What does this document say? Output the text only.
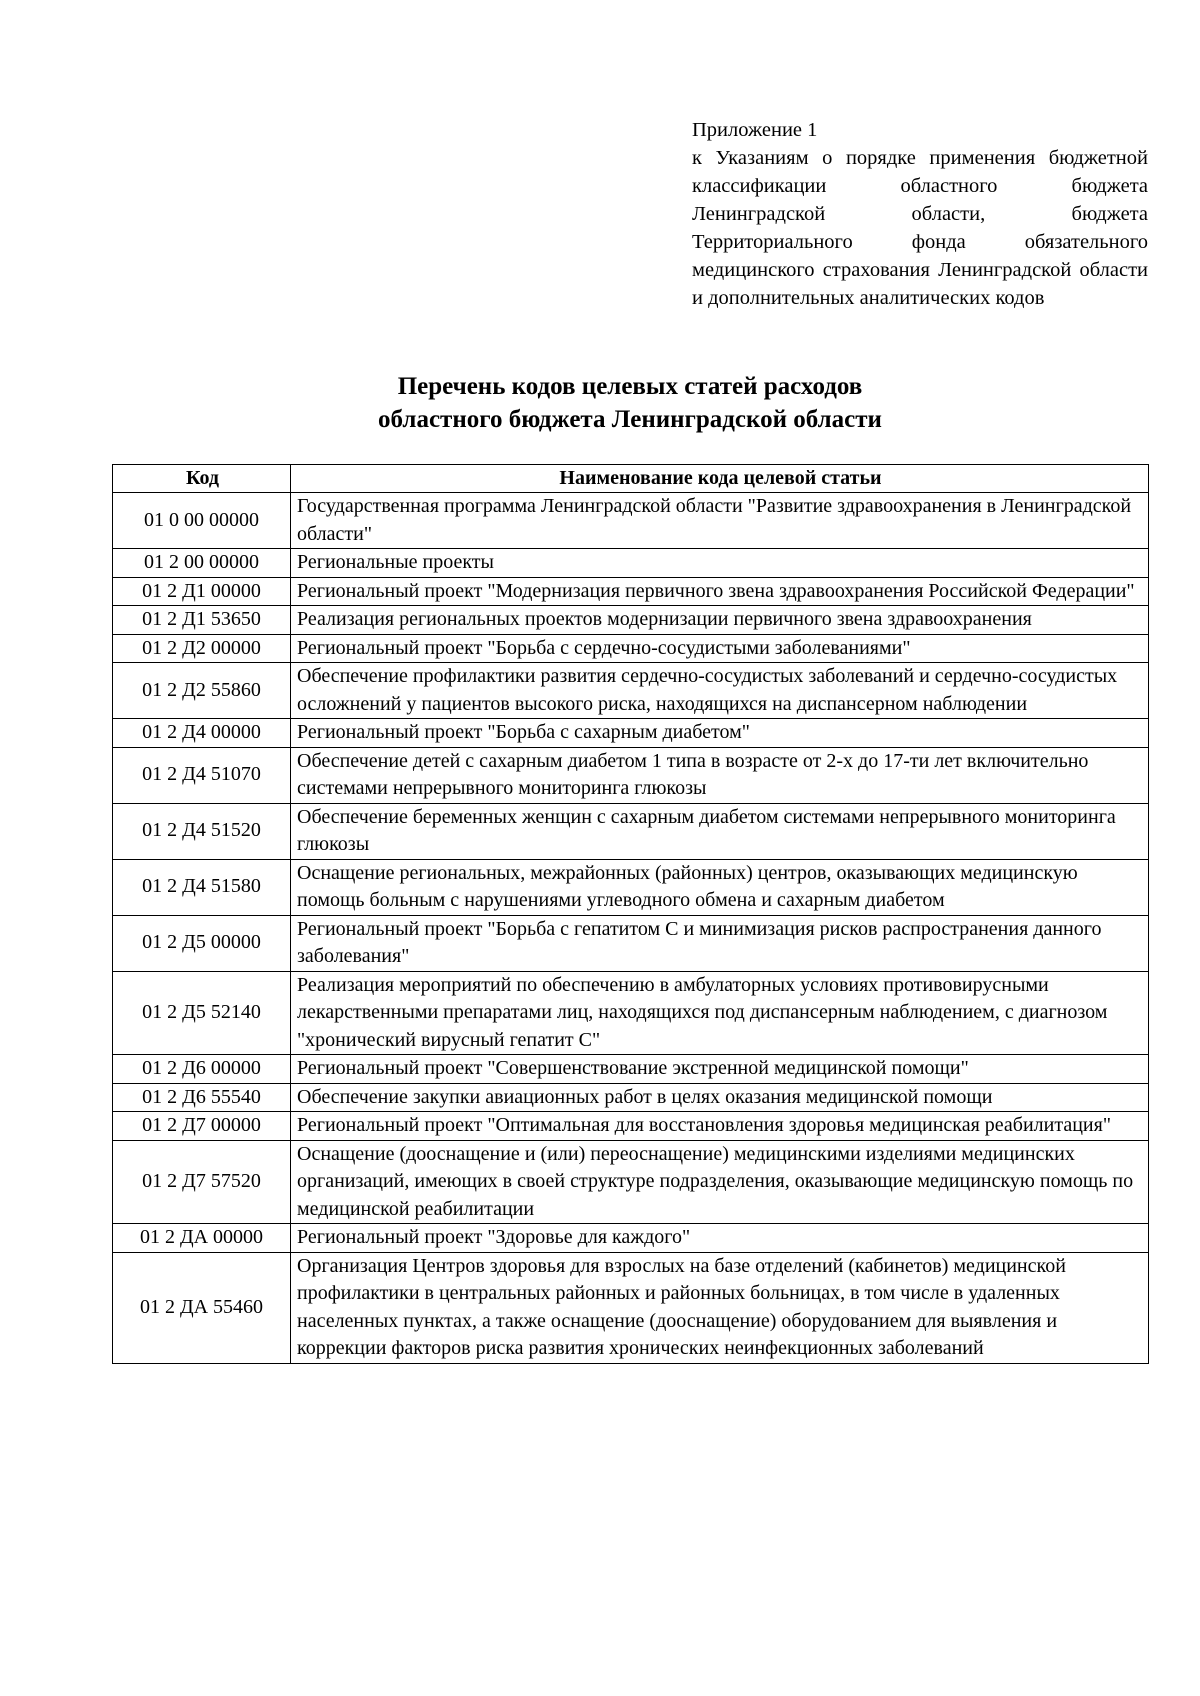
Приложение 1
к Указаниям о порядке применения бюджетной классификации областного бюджета Ленинградской области, бюджета Территориального фонда обязательного медицинского страхования Ленинградской области и дополнительных аналитических кодов
Перечень кодов целевых статей расходов
областного бюджета Ленинградской области
Код	Наименование кода целевой статьи
01 0 00 00000	Государственная программа Ленинградской области "Развитие здравоохранения в Ленинградской области"
01 2 00 00000	Региональные проекты
01 2 Д1 00000	Региональный проект "Модернизация первичного звена здравоохранения Российской Федерации"
01 2 Д1 53650	Реализация региональных проектов модернизации первичного звена здравоохранения
01 2 Д2 00000	Региональный проект "Борьба с сердечно-сосудистыми заболеваниями"
01 2 Д2 55860	Обеспечение профилактики развития сердечно-сосудистых заболеваний и сердечно-сосудистых осложнений у пациентов высокого риска, находящихся на диспансерном наблюдении
01 2 Д4 00000	Региональный проект "Борьба с сахарным диабетом"
01 2 Д4 51070	Обеспечение детей с сахарным диабетом 1 типа в возрасте от 2-х до 17-ти лет включительно системами непрерывного мониторинга глюкозы
01 2 Д4 51520	Обеспечение беременных женщин с сахарным диабетом системами непрерывного мониторинга глюкозы
01 2 Д4 51580	Оснащение региональных, межрайонных (районных) центров, оказывающих медицинскую помощь больным с нарушениями углеводного обмена и сахарным диабетом
01 2 Д5 00000	Региональный проект "Борьба с гепатитом С и минимизация рисков распространения данного заболевания"
01 2 Д5 52140	Реализация мероприятий по обеспечению в амбулаторных условиях противовирусными лекарственными препаратами лиц, находящихся под диспансерным наблюдением, с диагнозом "хронический вирусный гепатит С"
01 2 Д6 00000	Региональный проект "Совершенствование экстренной медицинской помощи"
01 2 Д6 55540	Обеспечение закупки авиационных работ в целях оказания медицинской помощи
01 2 Д7 00000	Региональный проект "Оптимальная для восстановления здоровья медицинская реабилитация"
01 2 Д7 57520	Оснащение (дооснащение и (или) переоснащение) медицинскими изделиями медицинских организаций, имеющих в своей структуре подразделения, оказывающие медицинскую помощь по медицинской реабилитации
01 2 ДА 00000	Региональный проект "Здоровье для каждого"
01 2 ДА 55460	Организация Центров здоровья для взрослых на базе отделений (кабинетов) медицинской профилактики в центральных районных и районных больницах, в том числе в удаленных населенных пунктах, а также оснащение (дооснащение) оборудованием для выявления и коррекции факторов риска развития хронических неинфекционных заболеваний
